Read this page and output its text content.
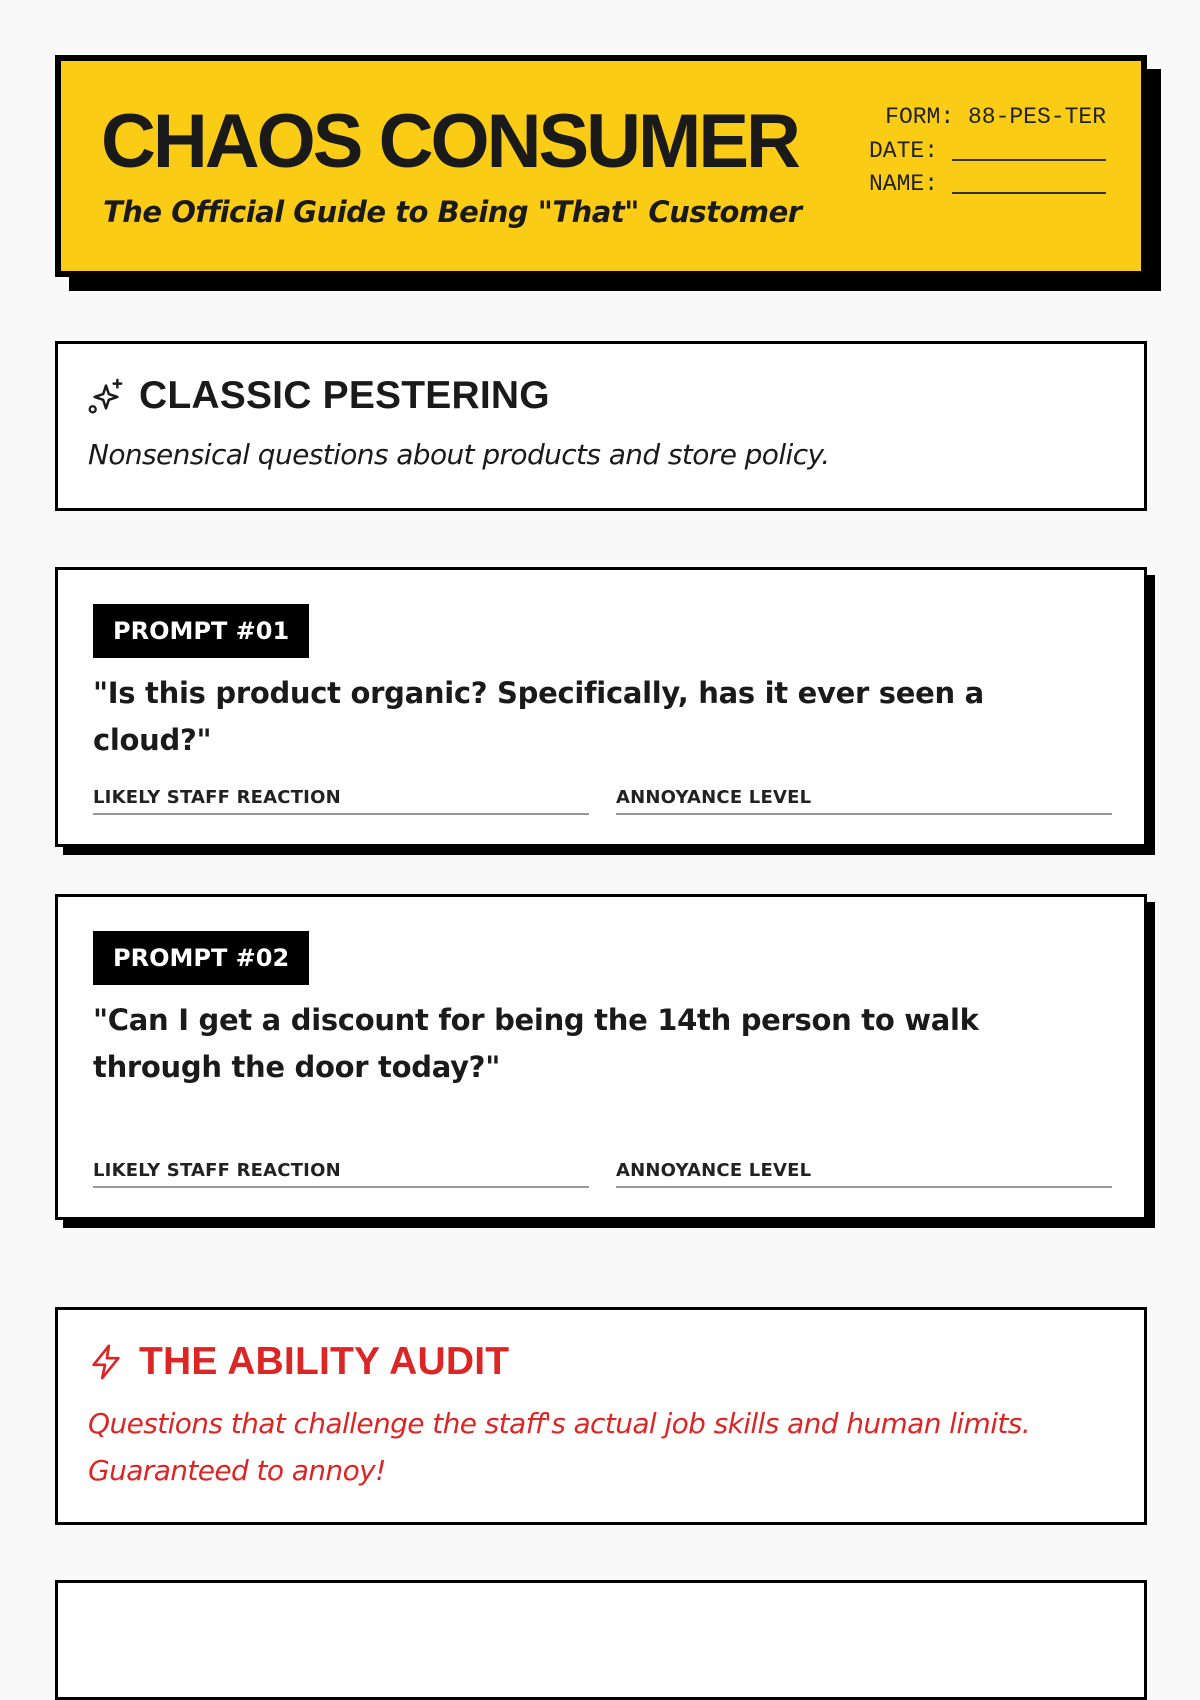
CHAOS CONSUMER

The Official Guide to Being "That" Customer

FORM: 88-PES-TER
DATE:
NAME:
CLASSIC PESTERING

Nonsensical questions about products and store policy.

PROMPT #01

"Is this product organic? Specifically, has it ever seen a cloud?"

LIKELY STAFF REACTION	ANNOYANCE LEVEL
PROMPT #02

"Can I get a discount for being the 14th person to walk through the door today?"

LIKELY STAFF REACTION	ANNOYANCE LEVEL
THE ABILITY AUDIT

Questions that challenge the staff's actual job skills and human limits. Guaranteed to annoy!
